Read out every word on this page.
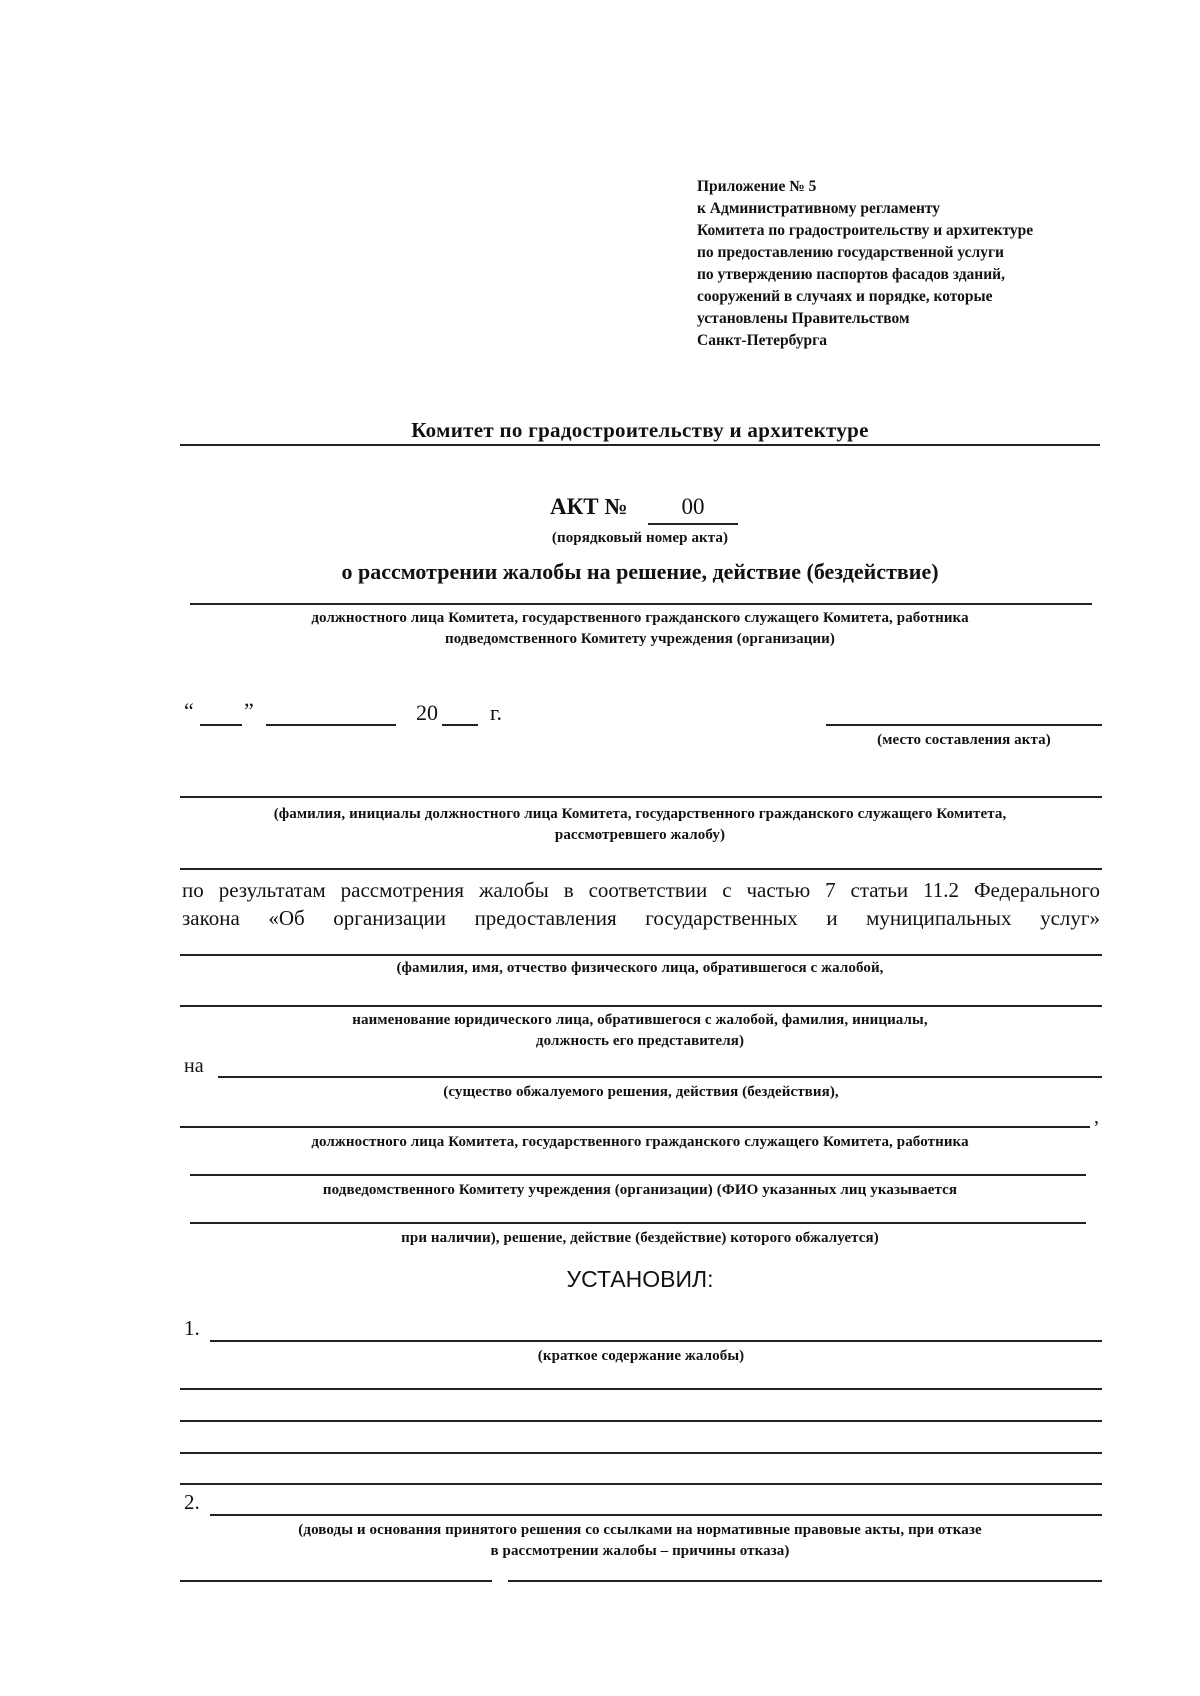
Приложение № 5
к Административному регламенту
Комитета по градостроительству и архитектуре
по предоставлению государственной услуги
по утверждению паспортов фасадов зданий,
сооружений в случаях и порядке, которые
установлены Правительством
Санкт-Петербурга
Комитет по градостроительству и архитектуре
АКТ №	00
(порядковый номер акта)
о рассмотрении жалобы на решение, действие (бездействие)
должностного лица Комитета, государственного гражданского служащего Комитета, работника
подведомственного Комитету учреждения (организации)
“ ”	20 г.
(место составления акта)
(фамилия, инициалы должностного лица Комитета, государственного гражданского служащего Комитета,
рассмотревшего жалобу)
по результатам рассмотрения жалобы в соответствии с частью 7 статьи 11.2 Федерального
закона «Об организации предоставления государственных и муниципальных услуг»
(фамилия, имя, отчество физического лица, обратившегося с жалобой,
наименование юридического лица, обратившегося с жалобой, фамилия, инициалы,
должность его представителя)
на
(существо обжалуемого решения, действия (бездействия),
,
должностного лица Комитета, государственного гражданского служащего Комитета, работника
подведомственного Комитету учреждения (организации) (ФИО указанных лиц указывается
при наличии), решение, действие (бездействие) которого обжалуется)
УСТАНОВИЛ:
1.
(краткое содержание жалобы)
2.
(доводы и основания принятого решения со ссылками на нормативные правовые акты, при отказе
в рассмотрении жалобы – причины отказа)
